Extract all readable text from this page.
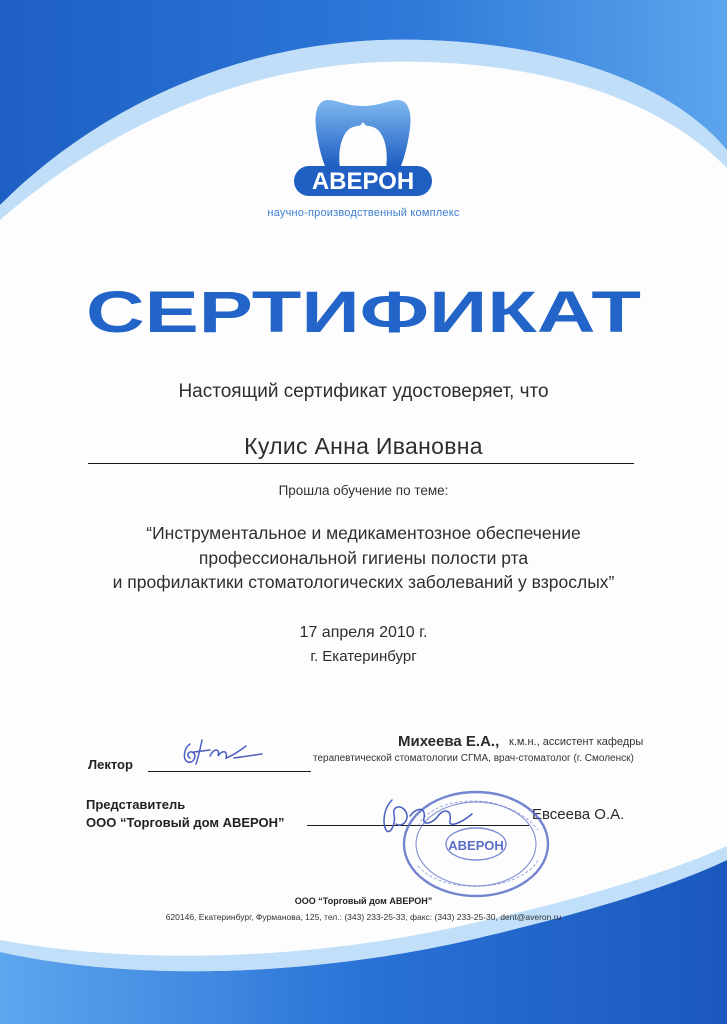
АВЕРОН
научно-производственный комплекс
СЕРТИФИКАТ
Настоящий сертификат удостоверяет, что
Кулис Анна Ивановна
Прошла обучение по теме:
“Инструментальное и медикаментозное обеспечение
профессиональной гигиены полости рта
и профилактики стоматологических заболеваний у взрослых”
17 апреля 2010 г.
г. Екатеринбург
Михеева Е.А., к.м.н., ассистент кафедры
терапевтической стоматологии СГМА, врач-стоматолог (г. Смоленск)
Лектор
Представитель
ООО “Торговый дом АВЕРОН”	Евсеева О.А.
АВЕРОН
ООО “Торговый дом АВЕРОН”
620146, Екатеринбург, Фурманова, 125, тел.: (343) 233-25-33, факс: (343) 233-25-30, dent@averon.ru
